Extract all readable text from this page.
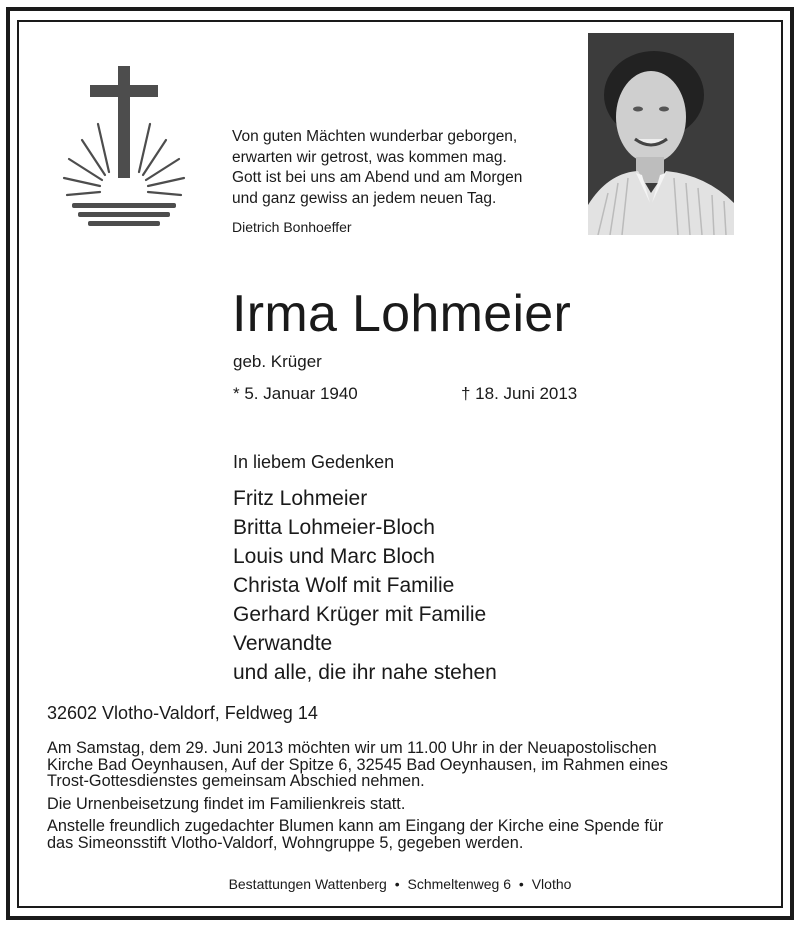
Von guten Mächten wunderbar geborgen,
erwarten wir getrost, was kommen mag.
Gott ist bei uns am Abend und am Morgen
und ganz gewiss an jedem neuen Tag.
Dietrich Bonhoeffer
Irma Lohmeier
geb. Krüger
* 5. Januar 1940	† 18. Juni 2013
In liebem Gedenken
Fritz Lohmeier
Britta Lohmeier-Bloch
Louis und Marc Bloch
Christa Wolf mit Familie
Gerhard Krüger mit Familie
Verwandte
und alle, die ihr nahe stehen
32602 Vlotho-Valdorf, Feldweg 14
Am Samstag, dem 29. Juni 2013 möchten wir um 11.00 Uhr in der Neuapostolischen
Kirche Bad Oeynhausen, Auf der Spitze 6, 32545 Bad Oeynhausen, im Rahmen eines
Trost-Gottesdienstes gemeinsam Abschied nehmen.
Die Urnenbeisetzung findet im Familienkreis statt.
Anstelle freundlich zugedachter Blumen kann am Eingang der Kirche eine Spende für
das Simeonsstift Vlotho-Valdorf, Wohngruppe 5, gegeben werden.
Bestattungen Wattenberg • Schmeltenweg 6 • Vlotho
